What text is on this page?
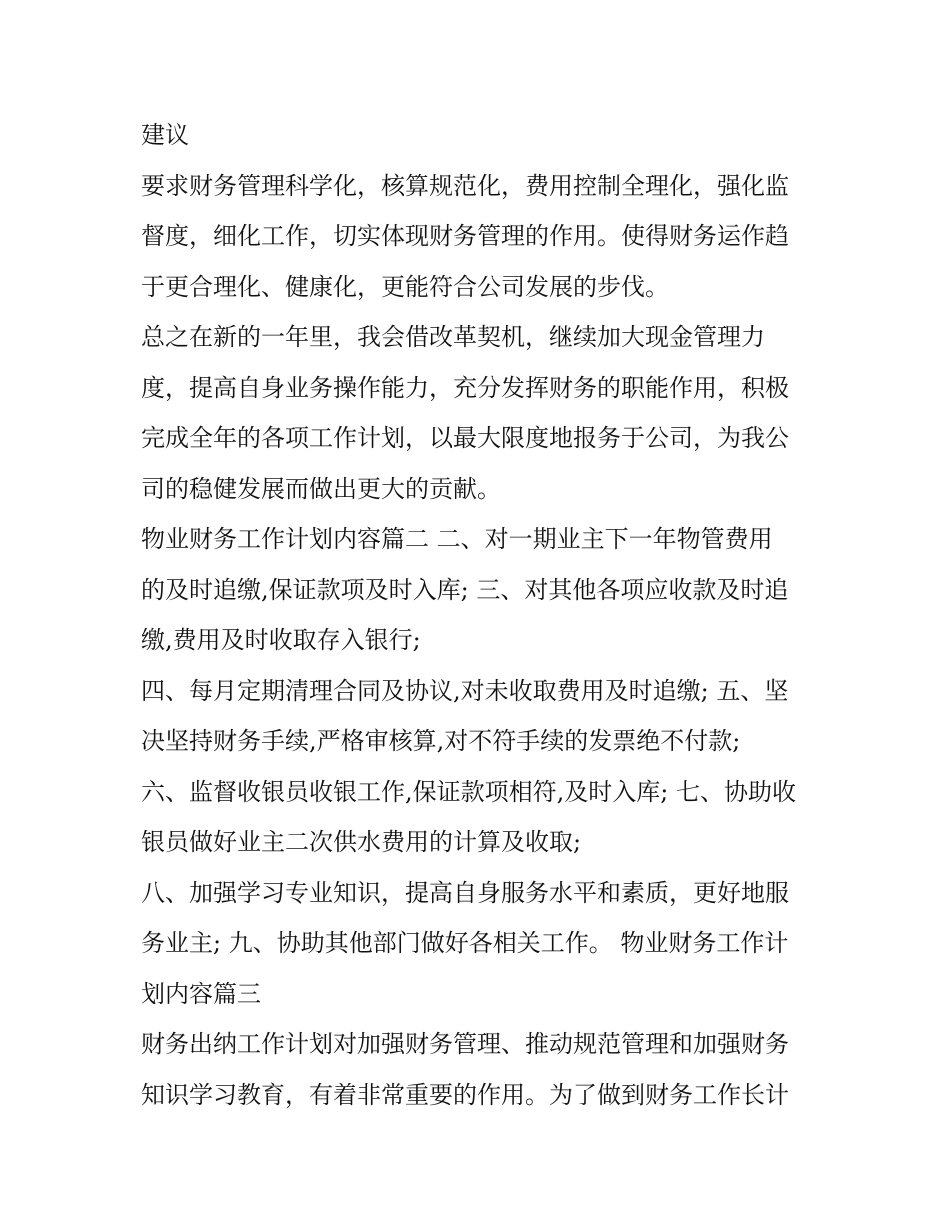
建议
要求财务管理科学化，核算规范化，费用控制全理化，强化监
督度，细化工作，切实体现财务管理的作用。使得财务运作趋
于更合理化、健康化，更能符合公司发展的步伐。
总之在新的一年里，我会借改革契机，继续加大现金管理力
度，提高自身业务操作能力，充分发挥财务的职能作用，积极
完成全年的各项工作计划，以最大限度地报务于公司，为我公
司的稳健发展而做出更大的贡献。
物业财务工作计划内容篇二 二、对一期业主下一年物管费用
的及时追缴,保证款项及时入库; 三、对其他各项应收款及时追
缴,费用及时收取存入银行;
四、每月定期清理合同及协议,对未收取费用及时追缴; 五、坚
决坚持财务手续,严格审核算,对不符手续的发票绝不付款;
六、监督收银员收银工作,保证款项相符,及时入库; 七、协助收
银员做好业主二次供水费用的计算及收取;
八、加强学习专业知识，提高自身服务水平和素质，更好地服
务业主; 九、协助其他部门做好各相关工作。 物业财务工作计
划内容篇三
财务出纳工作计划对加强财务管理、推动规范管理和加强财务
知识学习教育，有着非常重要的作用。为了做到财务工作长计
